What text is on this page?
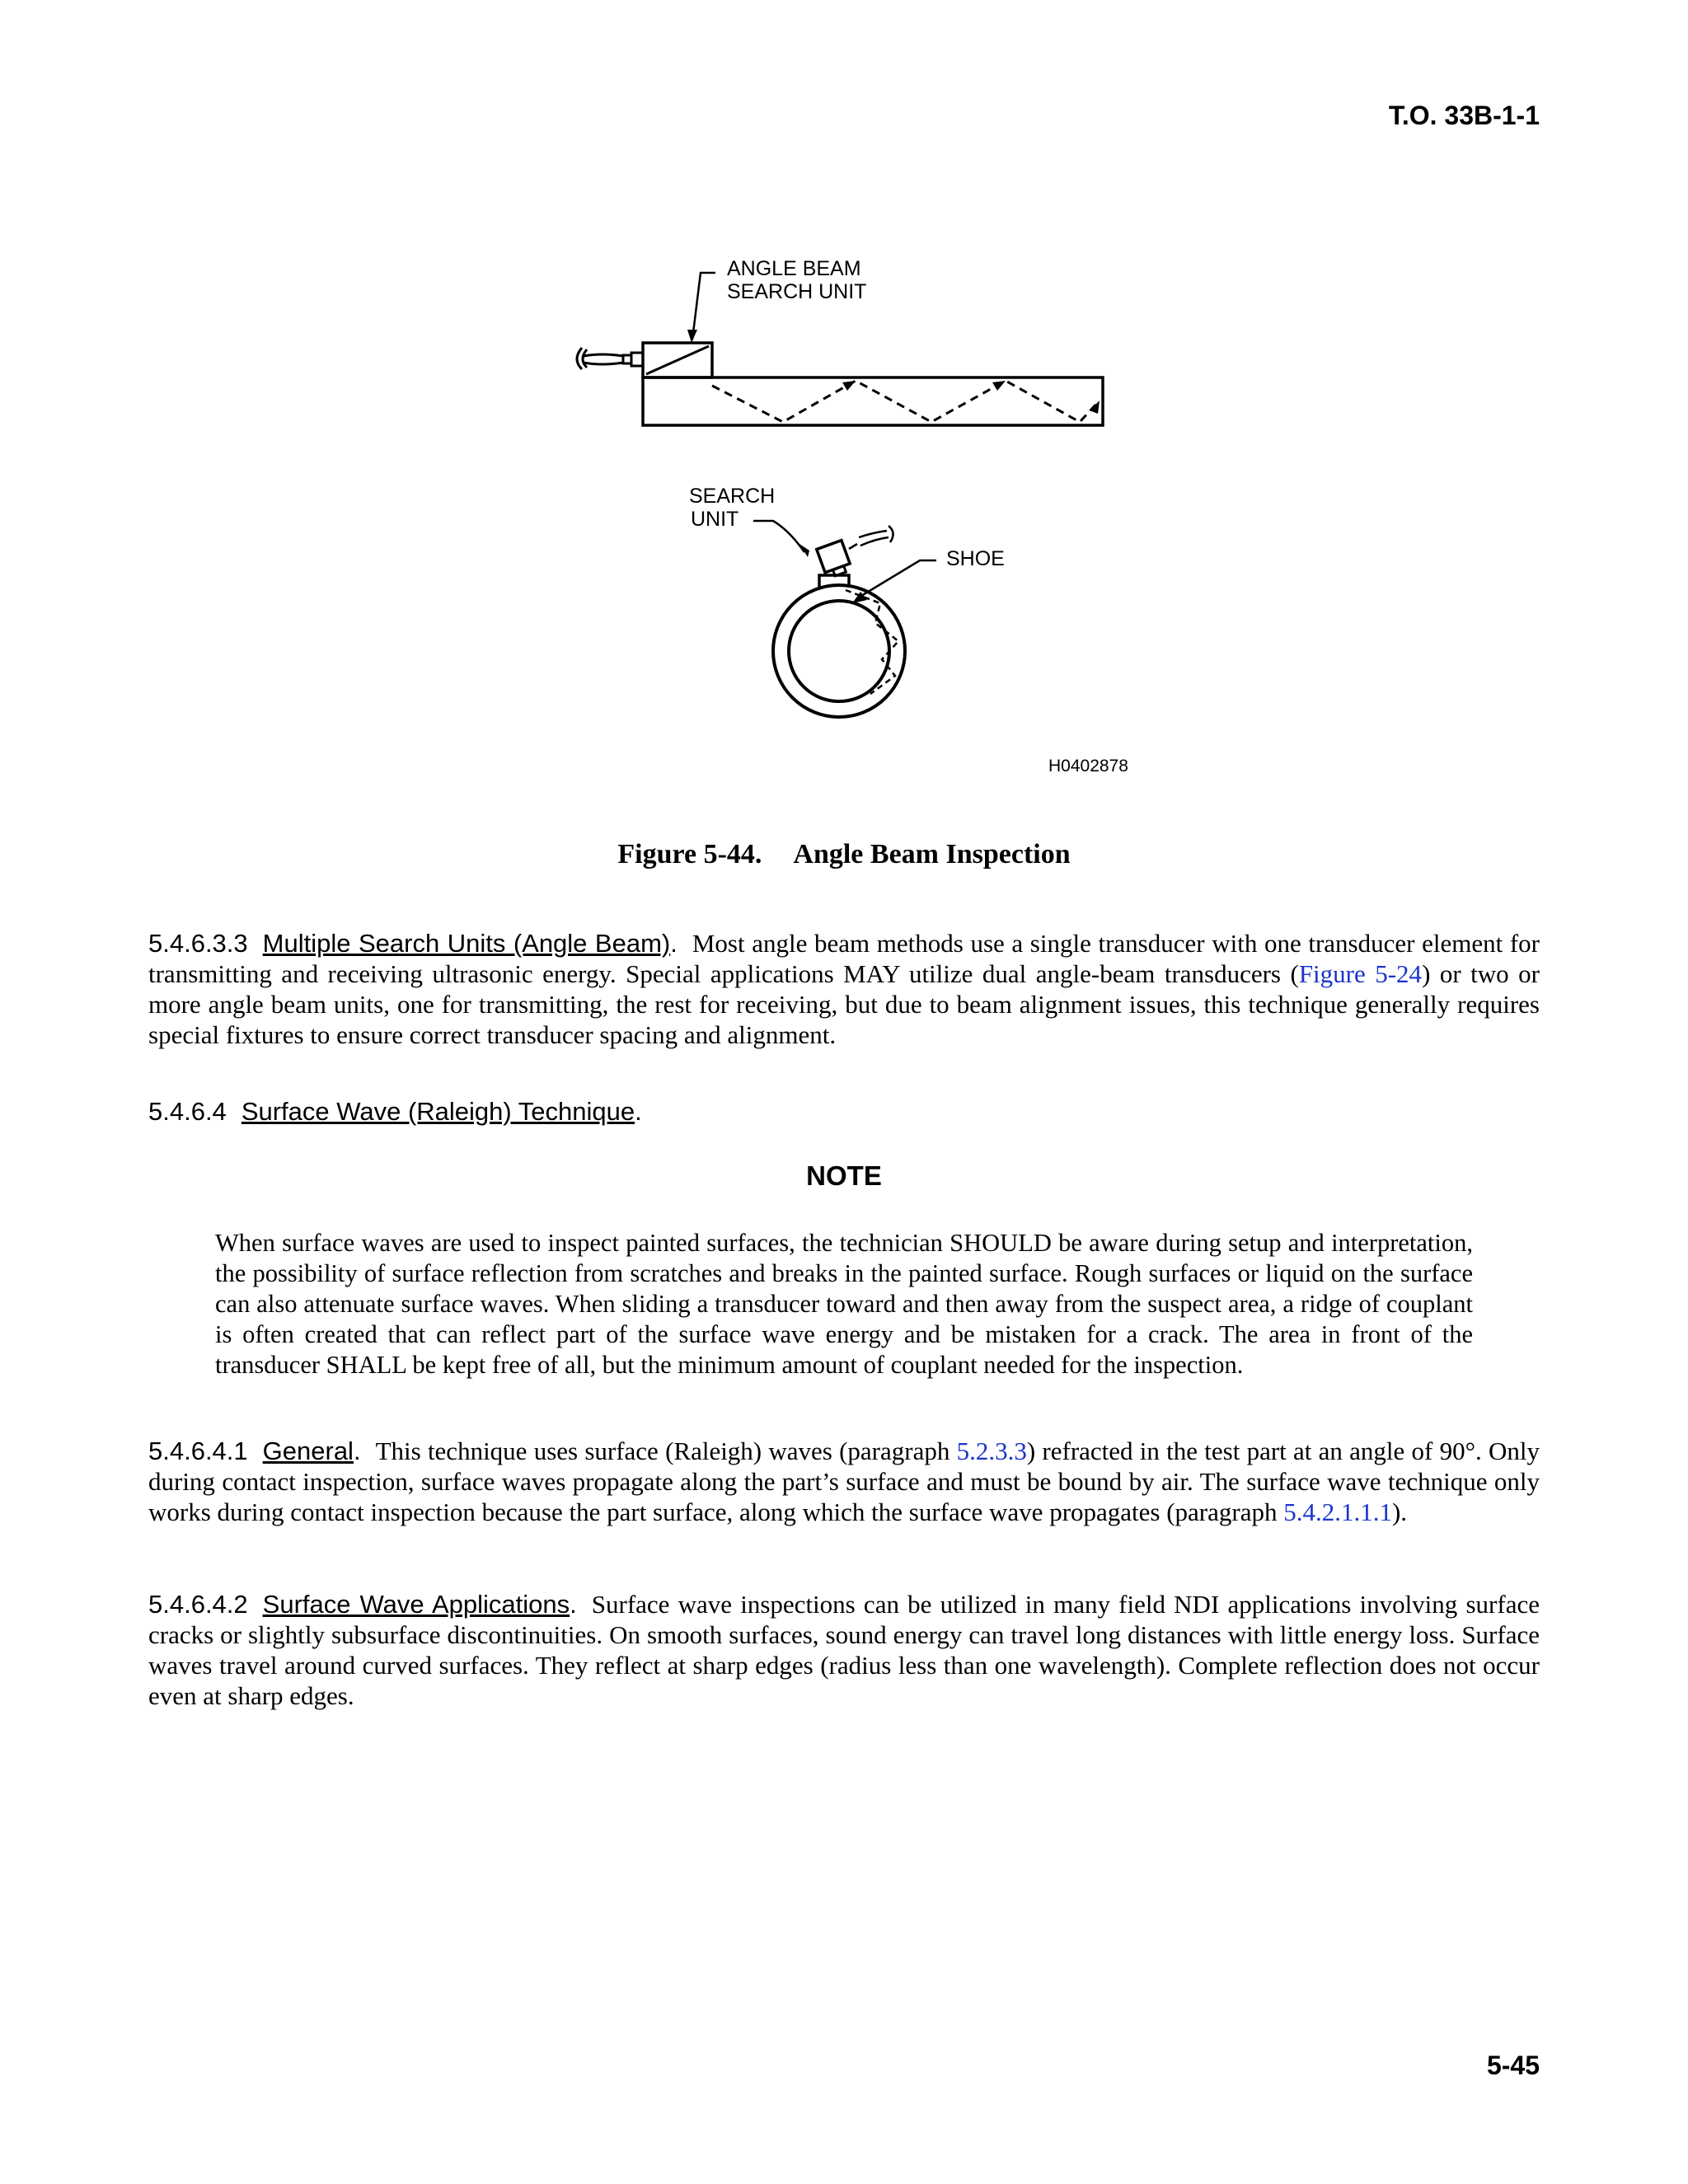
T.O. 33B-1-1
ANGLE BEAM
SEARCH UNIT
SEARCH
UNIT
SHOE
H0402878
Figure 5-44. Angle Beam Inspection
5.4.6.3.3 Multiple Search Units (Angle Beam). Most angle beam methods use a single transducer with one transducer element for transmitting and receiving ultrasonic energy. Special applications MAY utilize dual angle-beam transducers (Figure 5-24) or two or more angle beam units, one for transmitting, the rest for receiving, but due to beam alignment issues, this technique generally requires special fixtures to ensure correct transducer spacing and alignment.
5.4.6.4 Surface Wave (Raleigh) Technique.
NOTE
When surface waves are used to inspect painted surfaces, the technician SHOULD be aware during setup and interpretation, the possibility of surface reflection from scratches and breaks in the painted surface. Rough surfaces or liquid on the surface can also attenuate surface waves. When sliding a transducer toward and then away from the suspect area, a ridge of couplant is often created that can reflect part of the surface wave energy and be mistaken for a crack. The area in front of the transducer SHALL be kept free of all, but the minimum amount of couplant needed for the inspection.
5.4.6.4.1 General. This technique uses surface (Raleigh) waves (paragraph 5.2.3.3) refracted in the test part at an angle of 90°. Only during contact inspection, surface waves propagate along the part’s surface and must be bound by air. The surface wave technique only works during contact inspection because the part surface, along which the surface wave propagates (paragraph 5.4.2.1.1.1).
5.4.6.4.2 Surface Wave Applications. Surface wave inspections can be utilized in many field NDI applications involving surface cracks or slightly subsurface discontinuities. On smooth surfaces, sound energy can travel long distances with little energy loss. Surface waves travel around curved surfaces. They reflect at sharp edges (radius less than one wavelength). Complete reflection does not occur even at sharp edges.
5-45
